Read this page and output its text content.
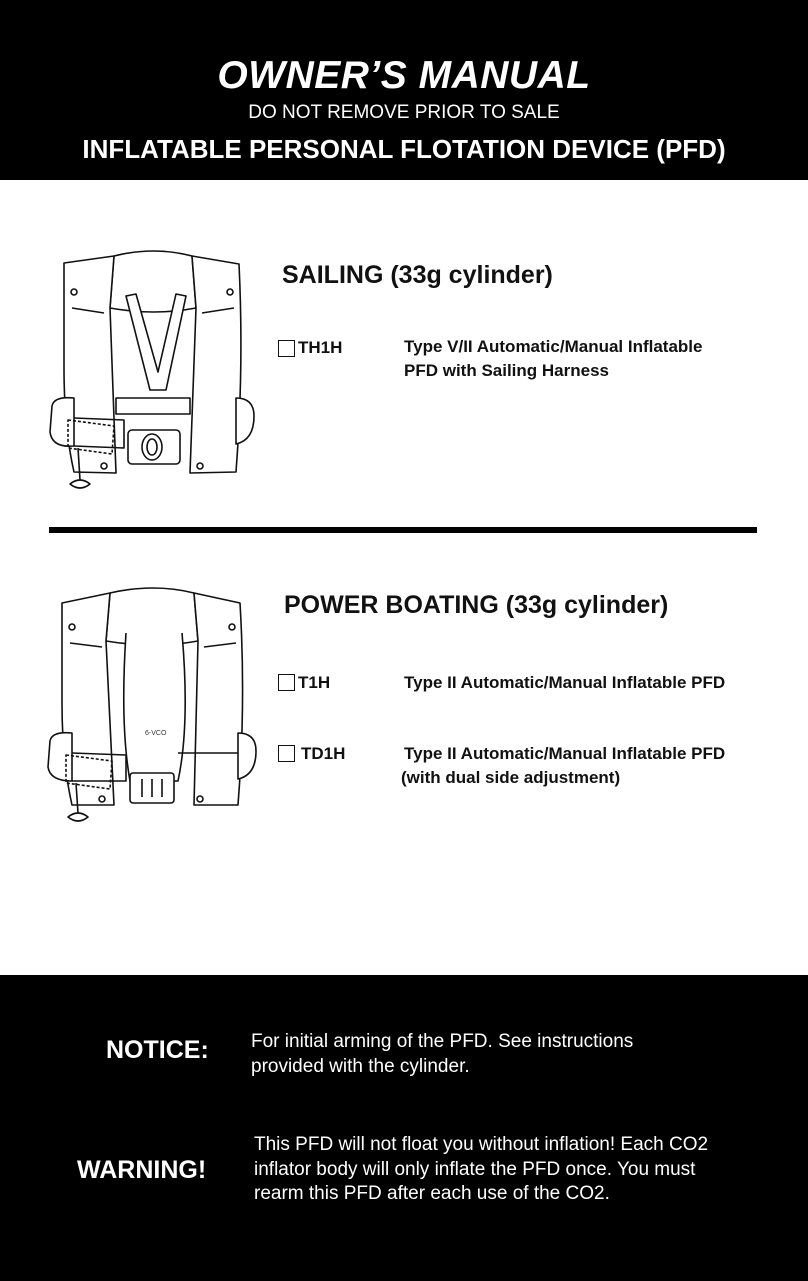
OWNER’S MANUAL
DO NOT REMOVE PRIOR TO SALE
INFLATABLE PERSONAL FLOTATION DEVICE (PFD)
SAILING (33g cylinder)
TH1H	Type V/II Automatic/Manual Inflatable
PFD with Sailing Harness
6-VCO
POWER BOATING (33g cylinder)
T1H	Type II Automatic/Manual Inflatable PFD
TD1H	Type II Automatic/Manual Inflatable PFD
(with dual side adjustment)
NOTICE: For initial arming of the PFD. See instructions
provided with the cylinder.
WARNING!
This PFD will not float you without inflation! Each CO2
inflator body will only inflate the PFD once. You must
rearm this PFD after each use of the CO2.
